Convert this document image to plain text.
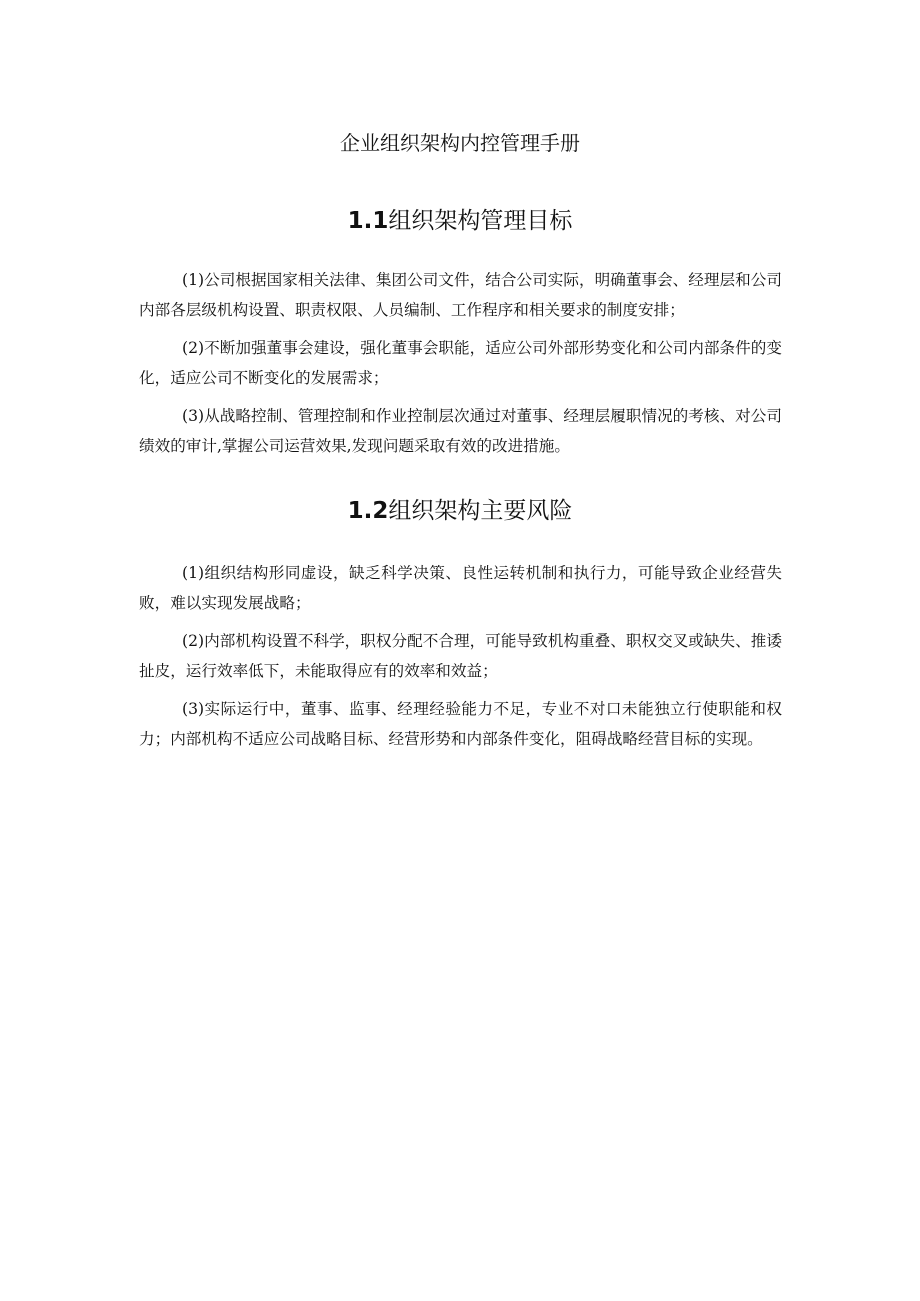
企业组织架构内控管理手册
1.1组织架构管理目标

(1)公司根据国家相关法律、集团公司文件，结合公司实际，明确董事会、经理层和公司内部各层级机构设置、职责权限、人员编制、工作程序和相关要求的制度安排；

(2)不断加强董事会建设，强化董事会职能，适应公司外部形势变化和公司内部条件的变化，适应公司不断变化的发展需求；

(3)从战略控制、管理控制和作业控制层次通过对董事、经理层履职情况的考核、对公司绩效的审计,掌握公司运营效果,发现问题采取有效的改进措施。

1.2组织架构主要风险

(1)组织结构形同虚设，缺乏科学决策、良性运转机制和执行力，可能导致企业经营失败，难以实现发展战略；

(2)内部机构设置不科学，职权分配不合理，可能导致机构重叠、职权交叉或缺失、推诿扯皮，运行效率低下，未能取得应有的效率和效益；

(3)实际运行中，董事、监事、经理经验能力不足，专业不对口未能独立行使职能和权力；内部机构不适应公司战略目标、经营形势和内部条件变化，阻碍战略经营目标的实现。
